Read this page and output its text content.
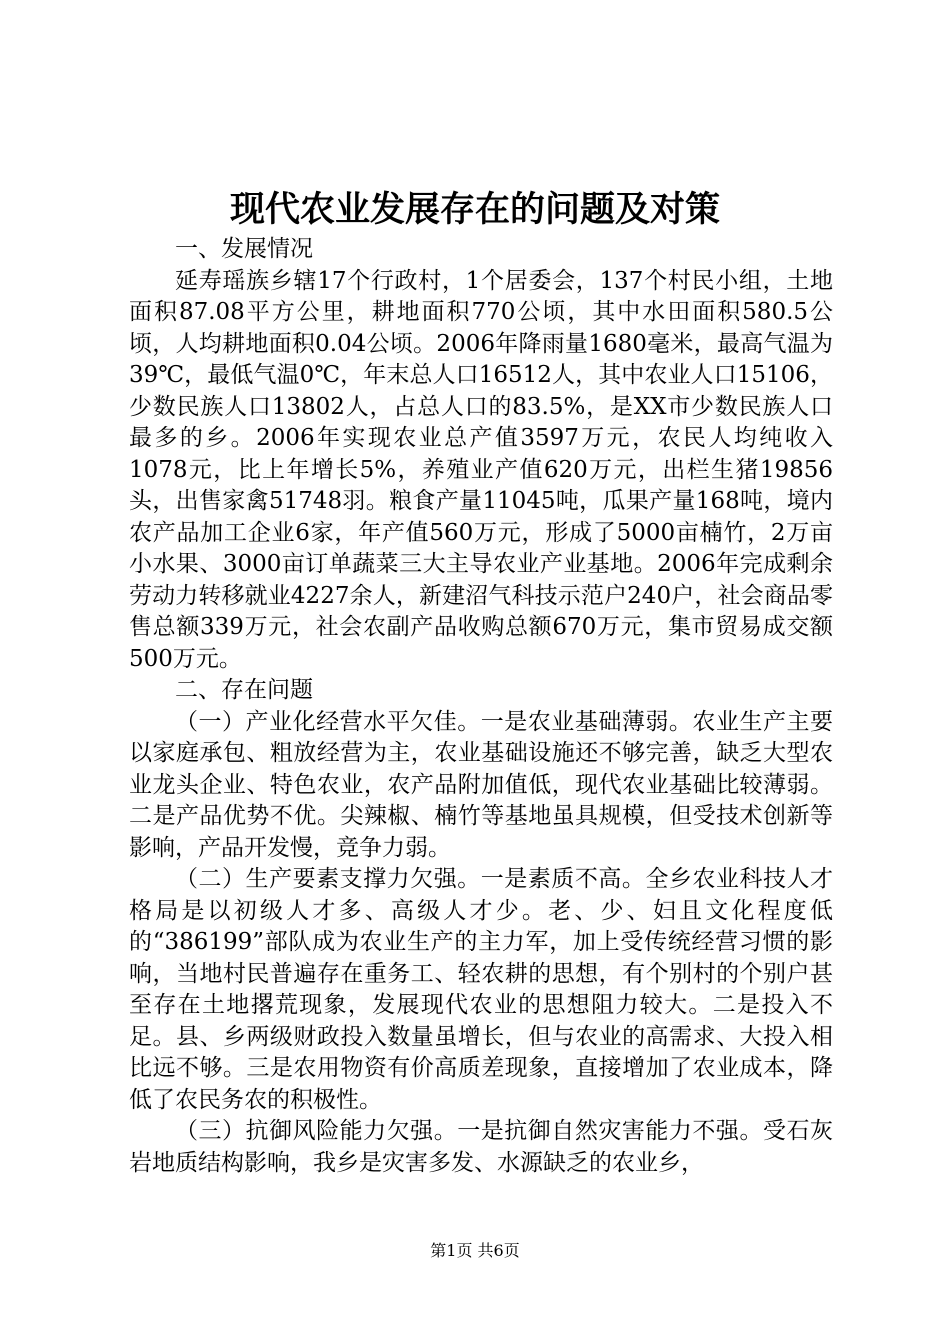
现代农业发展存在的问题及对策

一、发展情况

延寿瑶族乡辖17个行政村，1个居委会，137个村民小组，土地面积87.08平方公里，耕地面积770公顷，其中水田面积580.5公顷，人均耕地面积0.04公顷。2006年降雨量1680毫米，最高气温为39℃，最低气温0℃，年末总人口16512人，其中农业人口15106，少数民族人口13802人，占总人口的83.5%，是XX市少数民族人口最多的乡。2006年实现农业总产值3597万元，农民人均纯收入1078元，比上年增长5%，养殖业产值620万元，出栏生猪19856头，出售家禽51748羽。粮食产量11045吨，瓜果产量168吨，境内农产品加工企业6家，年产值560万元，形成了5000亩楠竹，2万亩小水果、3000亩订单蔬菜三大主导农业产业基地。2006年完成剩余劳动力转移就业4227余人，新建沼气科技示范户240户，社会商品零售总额339万元，社会农副产品收购总额670万元，集市贸易成交额500万元。

二、存在问题

（一）产业化经营水平欠佳。一是农业基础薄弱。农业生产主要以家庭承包、粗放经营为主，农业基础设施还不够完善，缺乏大型农业龙头企业、特色农业，农产品附加值低，现代农业基础比较薄弱。二是产品优势不优。尖辣椒、楠竹等基地虽具规模，但受技术创新等影响，产品开发慢，竞争力弱。

（二）生产要素支撑力欠强。一是素质不高。全乡农业科技人才格局是以初级人才多、高级人才少。老、少、妇且文化程度低的“386199”部队成为农业生产的主力军，加上受传统经营习惯的影响，当地村民普遍存在重务工、轻农耕的思想，有个别村的个别户甚至存在土地撂荒现象，发展现代农业的思想阻力较大。二是投入不足。县、乡两级财政投入数量虽增长，但与农业的高需求、大投入相比远不够。三是农用物资有价高质差现象，直接增加了农业成本，降低了农民务农的积极性。

（三）抗御风险能力欠强。一是抗御自然灾害能力不强。受石灰岩地质结构影响，我乡是灾害多发、水源缺乏的农业乡，

第1页 共6页
